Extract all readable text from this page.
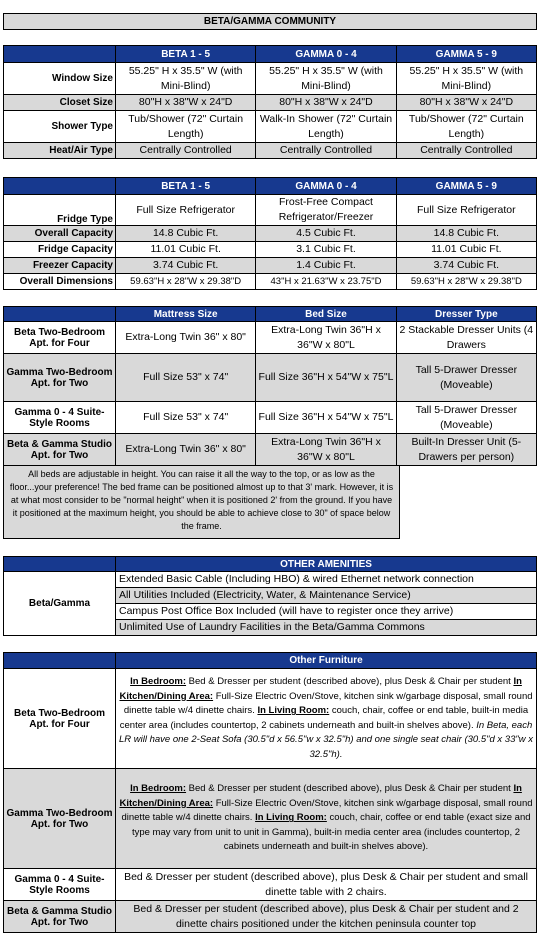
BETA/GAMMA COMMUNITY
	BETA 1 - 5	GAMMA 0 - 4	GAMMA 5 - 9
Window Size	55.25" H x 35.5" W (with Mini-Blind)	55.25" H x 35.5" W (with Mini-Blind)	55.25" H x 35.5" W (with Mini-Blind)
Closet Size	80"H x 38"W x 24"D	80"H x 38"W x 24"D	80"H x 38"W x 24"D
Shower Type	Tub/Shower (72" Curtain Length)	Walk-In Shower (72" Curtain Length)	Tub/Shower (72" Curtain Length)
Heat/Air Type	Centrally Controlled	Centrally Controlled	Centrally Controlled
	BETA 1 - 5	GAMMA 0 - 4	GAMMA 5 - 9
Fridge Type	Full Size Refrigerator	Frost-Free Compact Refrigerator/Freezer	Full Size Refrigerator
Overall Capacity	14.8 Cubic Ft.	4.5 Cubic Ft.	14.8 Cubic Ft.
Fridge Capacity	11.01 Cubic Ft.	3.1 Cubic Ft.	11.01 Cubic Ft.
Freezer Capacity	3.74 Cubic Ft.	1.4 Cubic Ft.	3.74 Cubic Ft.
Overall Dimensions	59.63"H x 28"W x 29.38"D	43"H x 21.63"W x 23.75"D	59.63"H x 28"W x 29.38"D
	Mattress Size	Bed Size	Dresser Type
Beta Two-Bedroom Apt. for Four	Extra-Long Twin 36" x 80"	Extra-Long Twin 36"H x 36"W x 80"L	2 Stackable Dresser Units (4 Drawers
Gamma Two-Bedroom Apt. for Two	Full Size 53" x 74"	Full Size 36"H x 54"W x 75"L	Tall 5-Drawer Dresser (Moveable)
Gamma 0 - 4 Suite-Style Rooms	Full Size 53" x 74"	Full Size 36"H x 54"W x 75"L	Tall 5-Drawer Dresser (Moveable)
Beta & Gamma Studio Apt. for Two	Extra-Long Twin 36" x 80"	Extra-Long Twin 36"H x 36"W x 80"L	Built-In Dresser Unit (5-Drawers per person)
All beds are adjustable in height. You can raise it all the way to the top, or as low as the floor...your preference! The bed frame can be positioned almost up to that 3' mark. However, it is at what most consider to be "normal height" when it is positioned 2' from the ground. If you have it positioned at the maximum height, you should be able to achieve close to 30" of space below the frame.
	OTHER AMENITIES
Beta/Gamma	Extended Basic Cable (Including HBO) & wired Ethernet network connection
	All Utilities Included (Electricity, Water, & Maintenance Service)
	Campus Post Office Box Included (will have to register once they arrive)
	Unlimited Use of Laundry Facilities in the Beta/Gamma Commons
	Other Furniture
Beta Two-Bedroom Apt. for Four	In Bedroom: Bed & Dresser per student (described above), plus Desk & Chair per student In Kitchen/Dining Area: Full-Size Electric Oven/Stove, kitchen sink w/garbage disposal, small round dinette table w/4 dinette chairs. In Living Room: couch, chair, coffee or end table, built-in media center area (includes countertop, 2 cabinets underneath and built-in shelves above). In Beta, each LR will have one 2-Seat Sofa (30.5"d x 56.5"w x 32.5"h) and one single seat chair (30.5"d x 33"w x 32.5"h).
Gamma Two-Bedroom Apt. for Two	In Bedroom: Bed & Dresser per student (described above), plus Desk & Chair per student In Kitchen/Dining Area: Full-Size Electric Oven/Stove, kitchen sink w/garbage disposal, small round dinette table w/4 dinette chairs. In Living Room: couch, chair, coffee or end table (exact size and type may vary from unit to unit in Gamma), built-in media center area (includes countertop, 2 cabinets underneath and built-in shelves above).
Gamma 0 - 4 Suite-Style Rooms	Bed & Dresser per student (described above), plus Desk & Chair per student and small dinette table with 2 chairs.
Beta & Gamma Studio Apt. for Two	Bed & Dresser per student (described above), plus Desk & Chair per student and 2 dinette chairs positioned under the kitchen peninsula counter top
